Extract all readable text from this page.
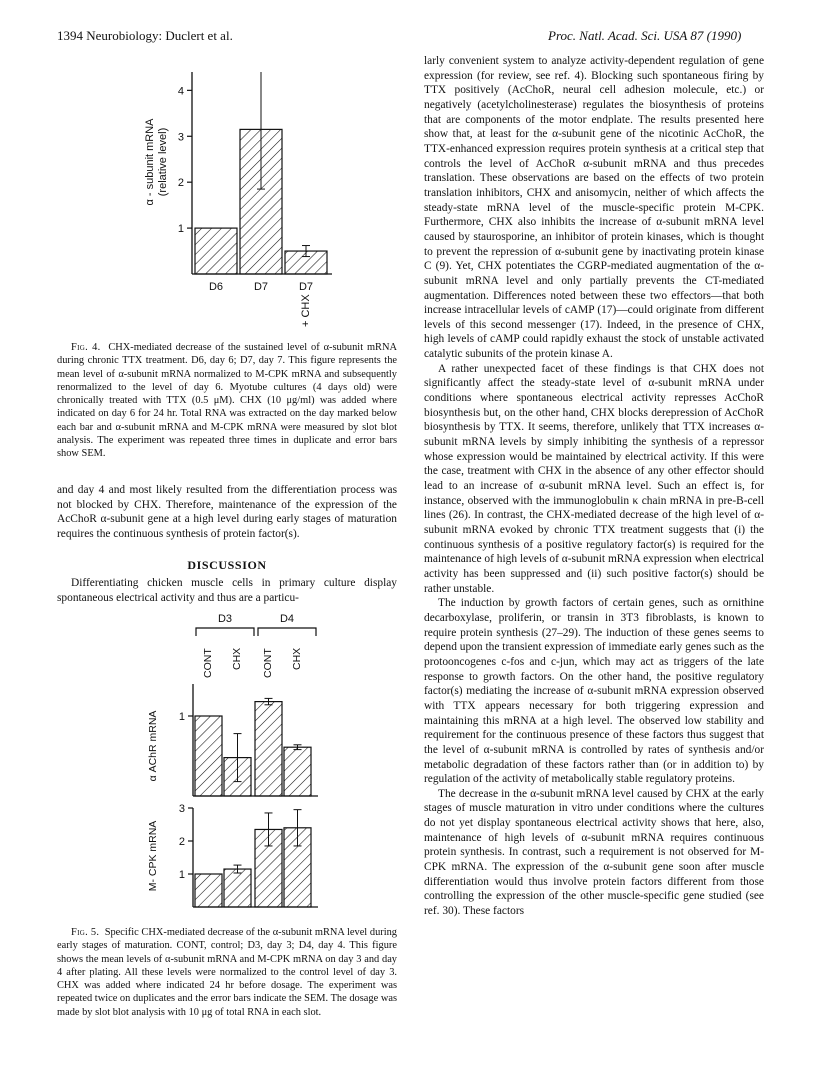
1394 Neurobiology: Duclert et al.	Proc. Natl. Acad. Sci. USA 87 (1990)
α - subunit mRNA (relative level)
1
2
3
4
D6	D7	D7
+ CHX

Fig. 4. CHX-mediated decrease of the sustained level of α-subunit mRNA during chronic TTX treatment. D6, day 6; D7, day 7. This figure represents the mean level of α-subunit mRNA normalized to M-CPK mRNA and subsequently renormalized to the level of day 6. Myotube cultures (4 days old) were chronically treated with TTX (0.5 μM). CHX (10 μg/ml) was added where indicated on day 6 for 24 hr. Total RNA was extracted on the day marked below each bar and α-subunit mRNA and M-CPK mRNA were measured by slot blot analysis. The experiment was repeated three times in duplicate and error bars show SEM.

and day 4 and most likely resulted from the differentiation process was not blocked by CHX. Therefore, maintenance of the expression of the AcChoR α-subunit gene at a high level during early stages of maturation requires the continuous synthesis of protein factor(s).

DISCUSSION

Differentiating chicken muscle cells in primary culture display spontaneous electrical activity and thus are a particu-

D3	D4
CONT CHX CONT CHX
α AChR mRNA
M- CPK mRNA
1
1
2
3

Fig. 5. Specific CHX-mediated decrease of the α-subunit mRNA level during early stages of maturation. CONT, control; D3, day 3; D4, day 4. This figure shows the mean levels of α-subunit mRNA and M-CPK mRNA on day 3 and day 4 after plating. All these levels were normalized to the control level of day 3. CHX was added where indicated 24 hr before dosage. The experiment was repeated twice on duplicates and the error bars indicate the SEM. The dosage was made by slot blot analysis with 10 μg of total RNA in each slot.

larly convenient system to analyze activity-dependent regulation of gene expression (for review, see ref. 4). Blocking such spontaneous firing by TTX positively (AcChoR, neural cell adhesion molecule, etc.) or negatively (acetylcholinesterase) regulates the biosynthesis of proteins that are components of the motor endplate. The results presented here show that, at least for the α-subunit gene of the nicotinic AcChoR, the TTX-enhanced expression requires protein synthesis at a critical step that controls the level of AcChoR α-subunit mRNA and thus precedes translation. These observations are based on the effects of two protein translation inhibitors, CHX and anisomycin, neither of which affects the steady-state mRNA level of the muscle-specific protein M-CPK. Furthermore, CHX also inhibits the increase of α-subunit mRNA level caused by staurosporine, an inhibitor of protein kinases, which is thought to prevent the repression of α-subunit gene by inactivating protein kinase C (9). Yet, CHX potentiates the CGRP-mediated augmentation of the α-subunit mRNA level and only partially prevents the CT-mediated augmentation. Differences noted between these two effectors—that both increase intracellular levels of cAMP (17)—could originate from different levels of this second messenger (17). Indeed, in the presence of CHX, high levels of cAMP could rapidly exhaust the stock of unstable activated catalytic subunits of the protein kinase A.

A rather unexpected facet of these findings is that CHX does not significantly affect the steady-state level of α-subunit mRNA under conditions where spontaneous electrical activity represses AcChoR biosynthesis but, on the other hand, CHX blocks derepression of AcChoR biosynthesis by TTX. It seems, therefore, unlikely that TTX increases α-subunit mRNA levels by simply inhibiting the synthesis of a repressor whose expression would be maintained by electrical activity. If this were the case, treatment with CHX in the absence of any other effector should lead to an increase of α-subunit mRNA level. Such an effect is, for instance, observed with the immunoglobulin κ chain mRNA in pre-B-cell lines (26). In contrast, the CHX-mediated decrease of the high level of α-subunit mRNA evoked by chronic TTX treatment suggests that (i) the continuous synthesis of a positive regulatory factor(s) is required for the maintenance of high levels of α-subunit mRNA expression when electrical activity has been suppressed and (ii) such positive factor(s) should be rather unstable.

The induction by growth factors of certain genes, such as ornithine decarboxylase, proliferin, or transin in 3T3 fibroblasts, is known to require protein synthesis (27–29). The induction of these genes seems to depend upon the transient expression of immediate early genes such as the protooncogenes c-fos and c-jun, which may act as triggers of the late response to growth factors. On the other hand, the positive regulatory factor(s) mediating the increase of α-subunit mRNA expression observed with TTX appears necessary for both triggering expression and maintaining this mRNA at a high level. The observed low stability and requirement for the continuous presence of these factors thus suggest that the level of α-subunit mRNA is controlled by rates of synthesis and/or metabolic degradation of these factors rather than (or in addition to) by regulation of the activity of metabolically stable regulatory proteins.

The decrease in the α-subunit mRNA level caused by CHX at the early stages of muscle maturation in vitro under conditions where the cultures do not yet display spontaneous electrical activity shows that here, also, maintenance of high levels of α-subunit mRNA requires continuous protein synthesis. In contrast, such a requirement is not observed for M-CPK mRNA. The expression of the α-subunit gene soon after muscle differentiation would thus involve protein factors different from those controlling the expression of the other muscle-specific gene studied (see ref. 30). These factors
